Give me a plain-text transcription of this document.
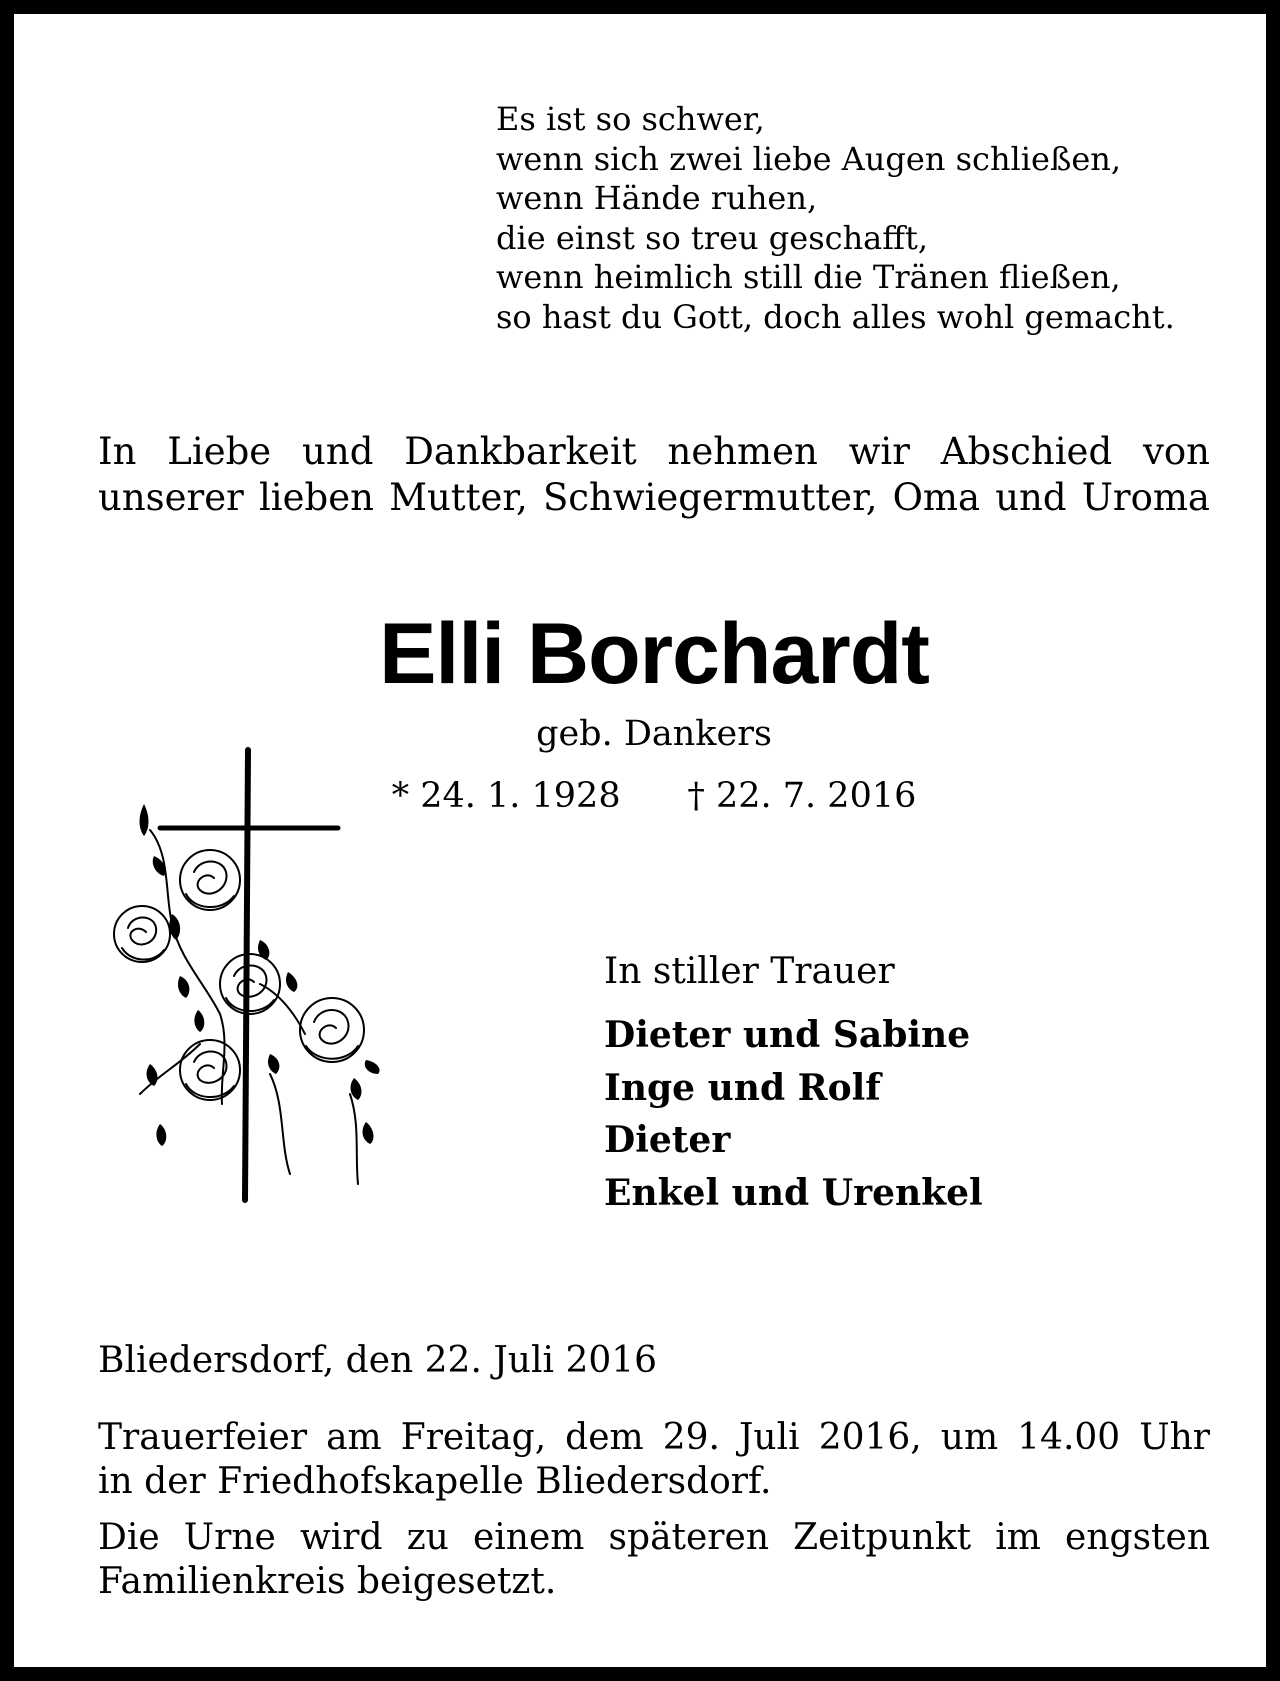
Es ist so schwer,
wenn sich zwei liebe Augen schließen,
wenn Hände ruhen,
die einst so treu geschafft,
wenn heimlich still die Tränen fließen,
so hast du Gott, doch alles wohl gemacht.
In Liebe und Dankbarkeit nehmen wir Abschied von
unserer lieben Mutter, Schwiegermutter, Oma und Uroma
Elli Borchardt
geb. Dankers
* 24. 1. 1928 † 22. 7. 2016
In stiller Trauer
Dieter und Sabine
Inge und Rolf
Dieter
Enkel und Urenkel
Bliedersdorf, den 22. Juli 2016
Trauerfeier am Freitag, dem 29. Juli 2016, um 14.00 Uhr
in der Friedhofskapelle Bliedersdorf.
Die Urne wird zu einem späteren Zeitpunkt im engsten
Familienkreis beigesetzt.
